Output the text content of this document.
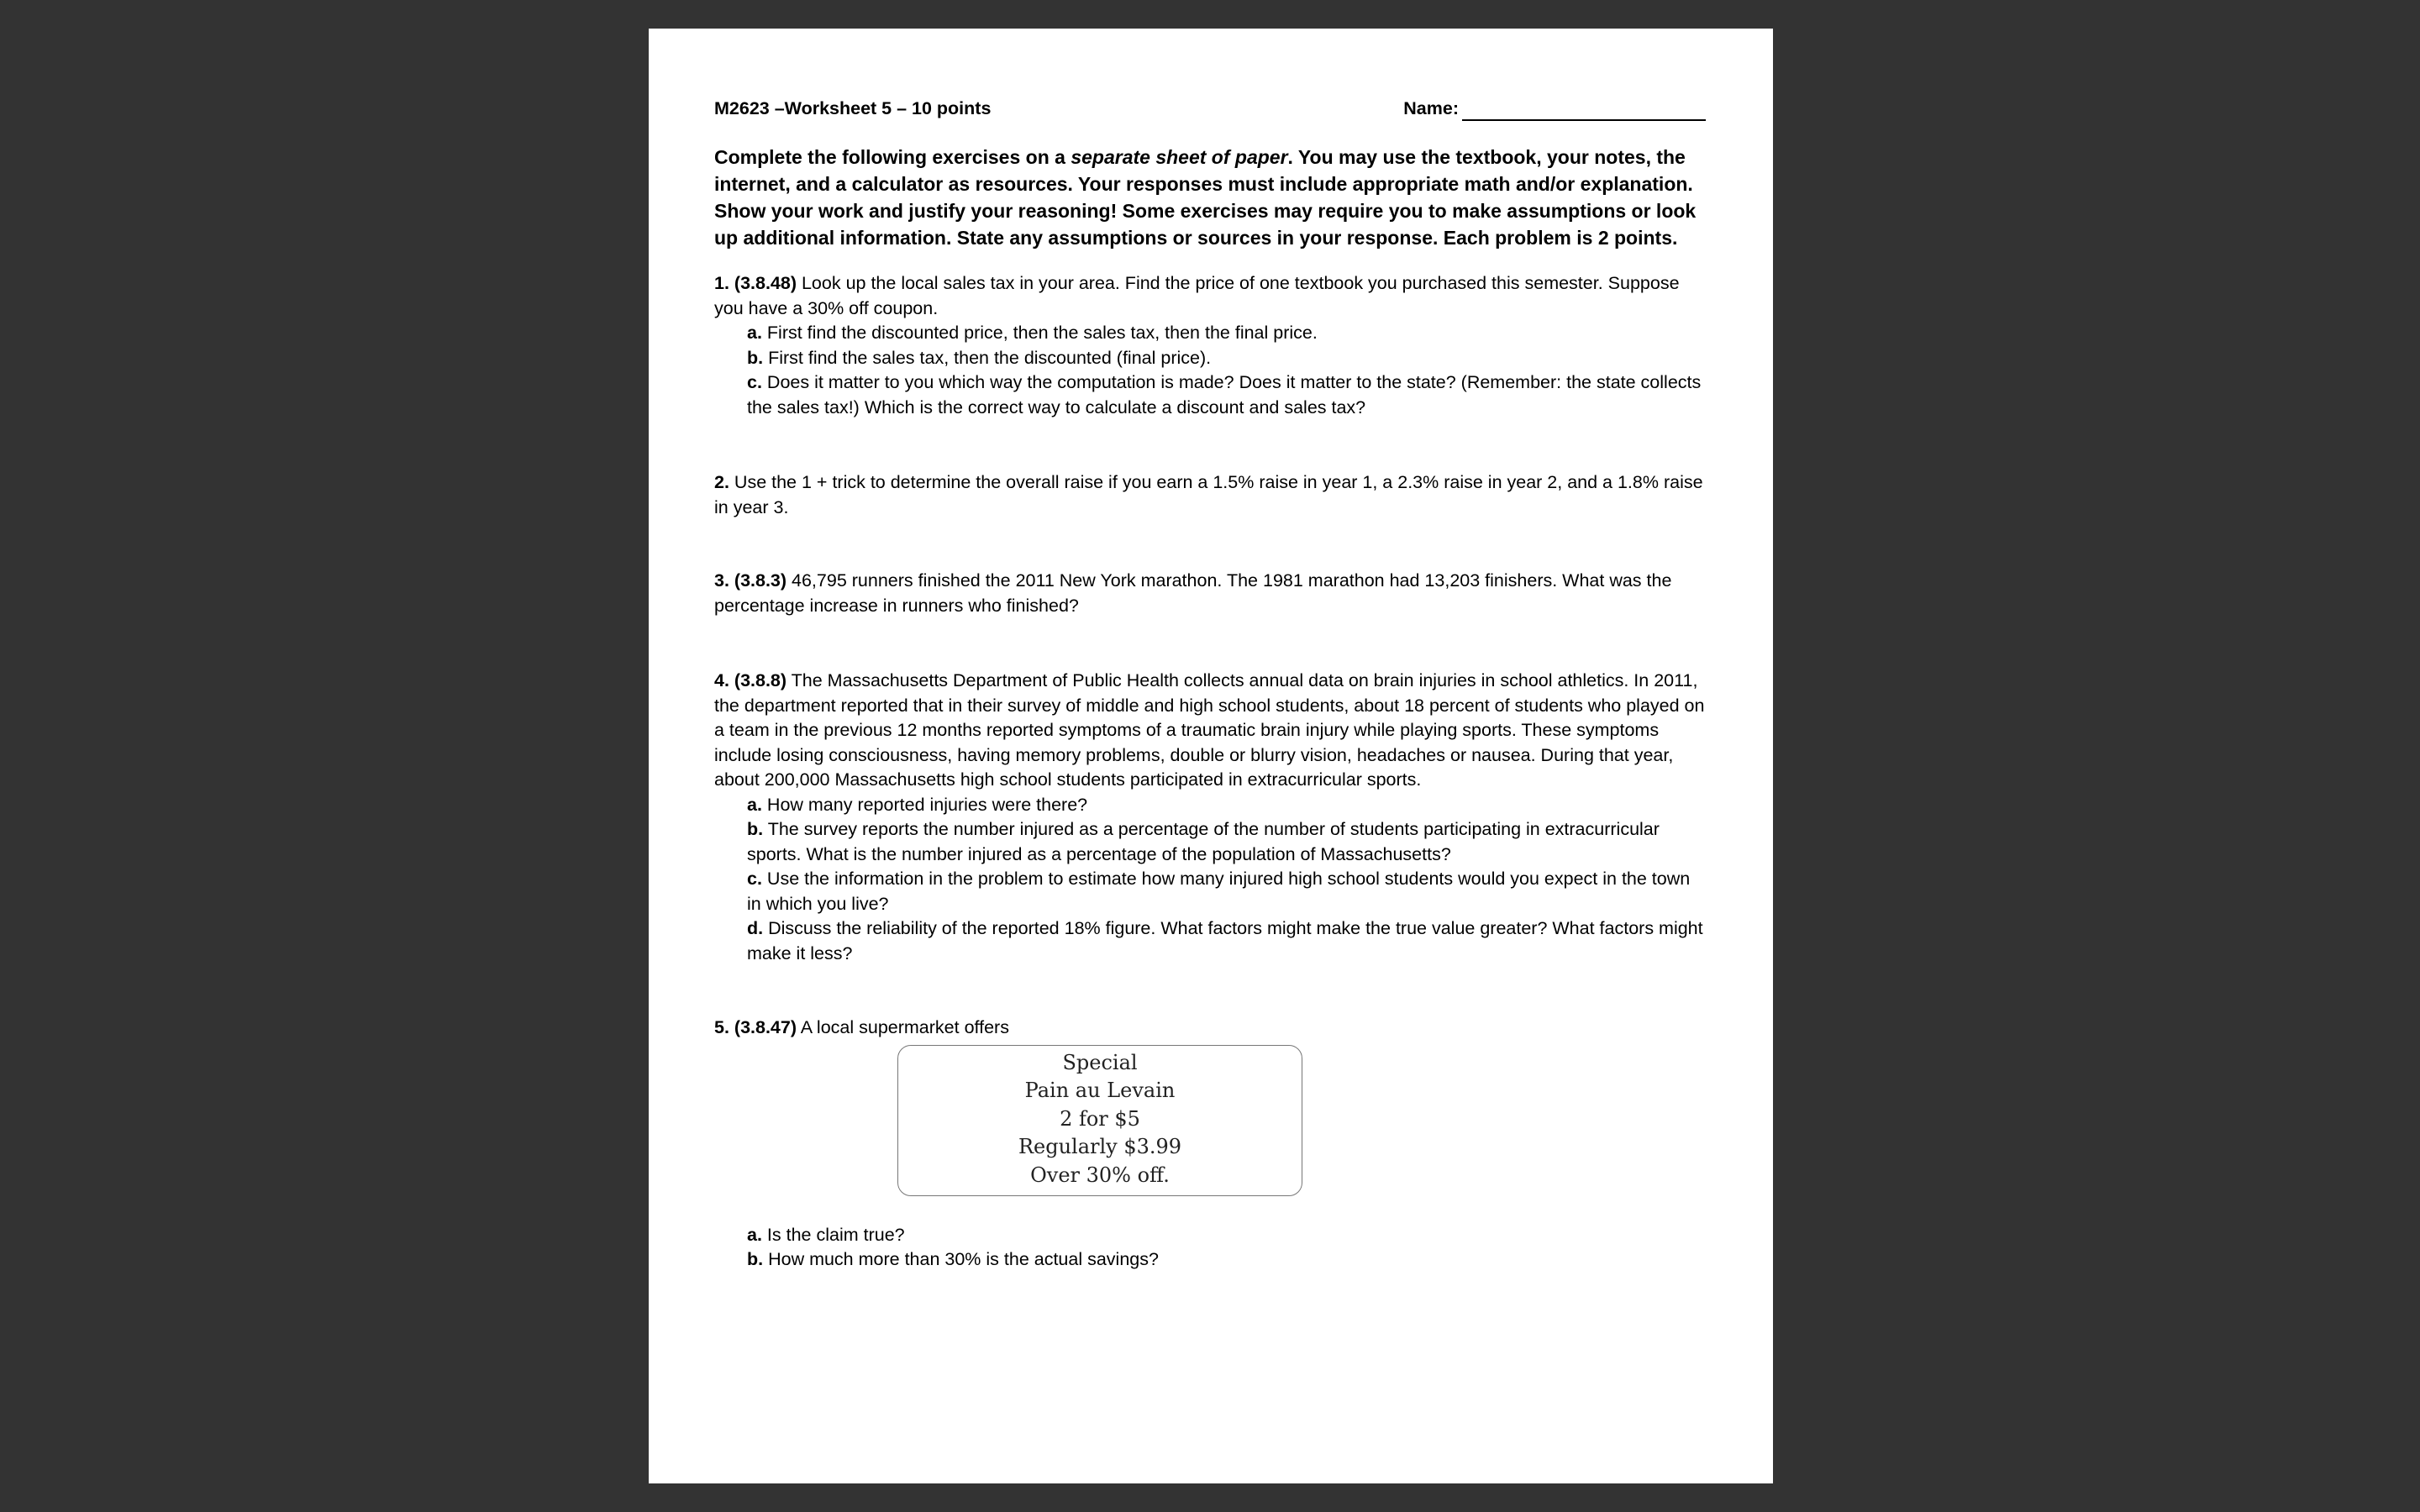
M2623 –Worksheet 5 – 10 points	Name:
Complete the following exercises on a separate sheet of paper. You may use the textbook, your notes, the internet, and a calculator as resources. Your responses must include appropriate math and/or explanation. Show your work and justify your reasoning! Some exercises may require you to make assumptions or look up additional information. State any assumptions or sources in your response. Each problem is 2 points.

1. (3.8.48) Look up the local sales tax in your area. Find the price of one textbook you purchased this semester. Suppose you have a 30% off coupon.

a. First find the discounted price, then the sales tax, then the final price.

b. First find the sales tax, then the discounted (final price).

c. Does it matter to you which way the computation is made? Does it matter to the state? (Remember: the state collects the sales tax!) Which is the correct way to calculate a discount and sales tax?

2. Use the 1 + trick to determine the overall raise if you earn a 1.5% raise in year 1, a 2.3% raise in year 2, and a 1.8% raise in year 3.

3. (3.8.3) 46,795 runners finished the 2011 New York marathon. The 1981 marathon had 13,203 finishers. What was the percentage increase in runners who finished?

4. (3.8.8) The Massachusetts Department of Public Health collects annual data on brain injuries in school athletics. In 2011, the department reported that in their survey of middle and high school students, about 18 percent of students who played on a team in the previous 12 months reported symptoms of a traumatic brain injury while playing sports. These symptoms include losing consciousness, having memory problems, double or blurry vision, headaches or nausea. During that year, about 200,000 Massachusetts high school students participated in extracurricular sports.

a. How many reported injuries were there?

b. The survey reports the number injured as a percentage of the number of students participating in extracurricular sports. What is the number injured as a percentage of the population of Massachusetts?

c. Use the information in the problem to estimate how many injured high school students would you expect in the town in which you live?

d. Discuss the reliability of the reported 18% figure. What factors might make the true value greater? What factors might make it less?

5. (3.8.47) A local supermarket offers

Special
Pain au Levain
2 for $5
Regularly $3.99
Over 30% off.

a. Is the claim true?

b. How much more than 30% is the actual savings?
